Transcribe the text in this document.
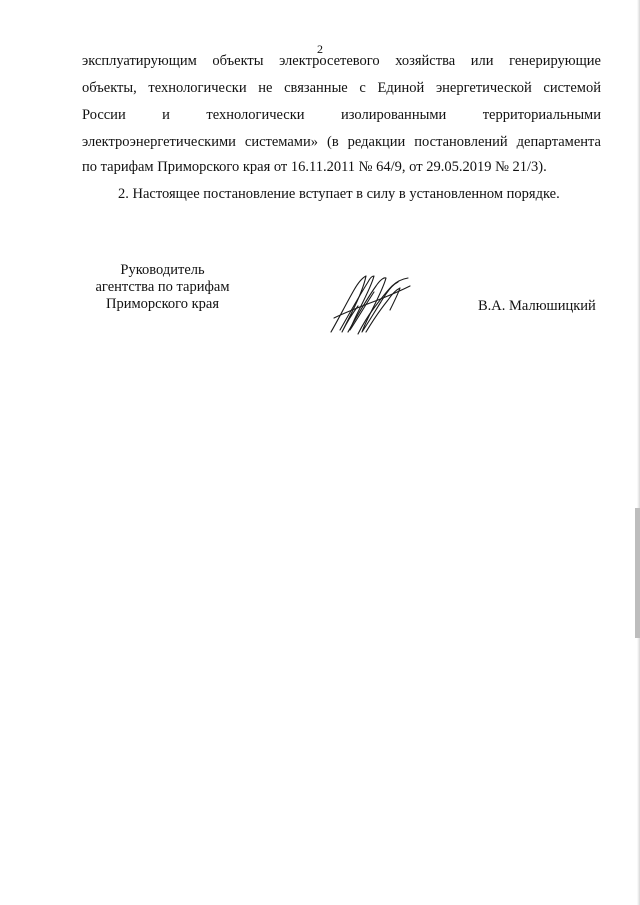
2
эксплуатирующим объекты электросетевого хозяйства или генерирующие
объекты, технологически не связанные с Единой энергетической системой
России и технологически изолированными территориальными
электроэнергетическими системами» (в редакции постановлений департамента
по тарифам Приморского края от 16.11.2011 № 64/9, от 29.05.2019 № 21/3).
2. Настоящее постановление вступает в силу в установленном порядке.
Руководитель
агентства по тарифам
Приморского края	В.А. Малюшицкий
